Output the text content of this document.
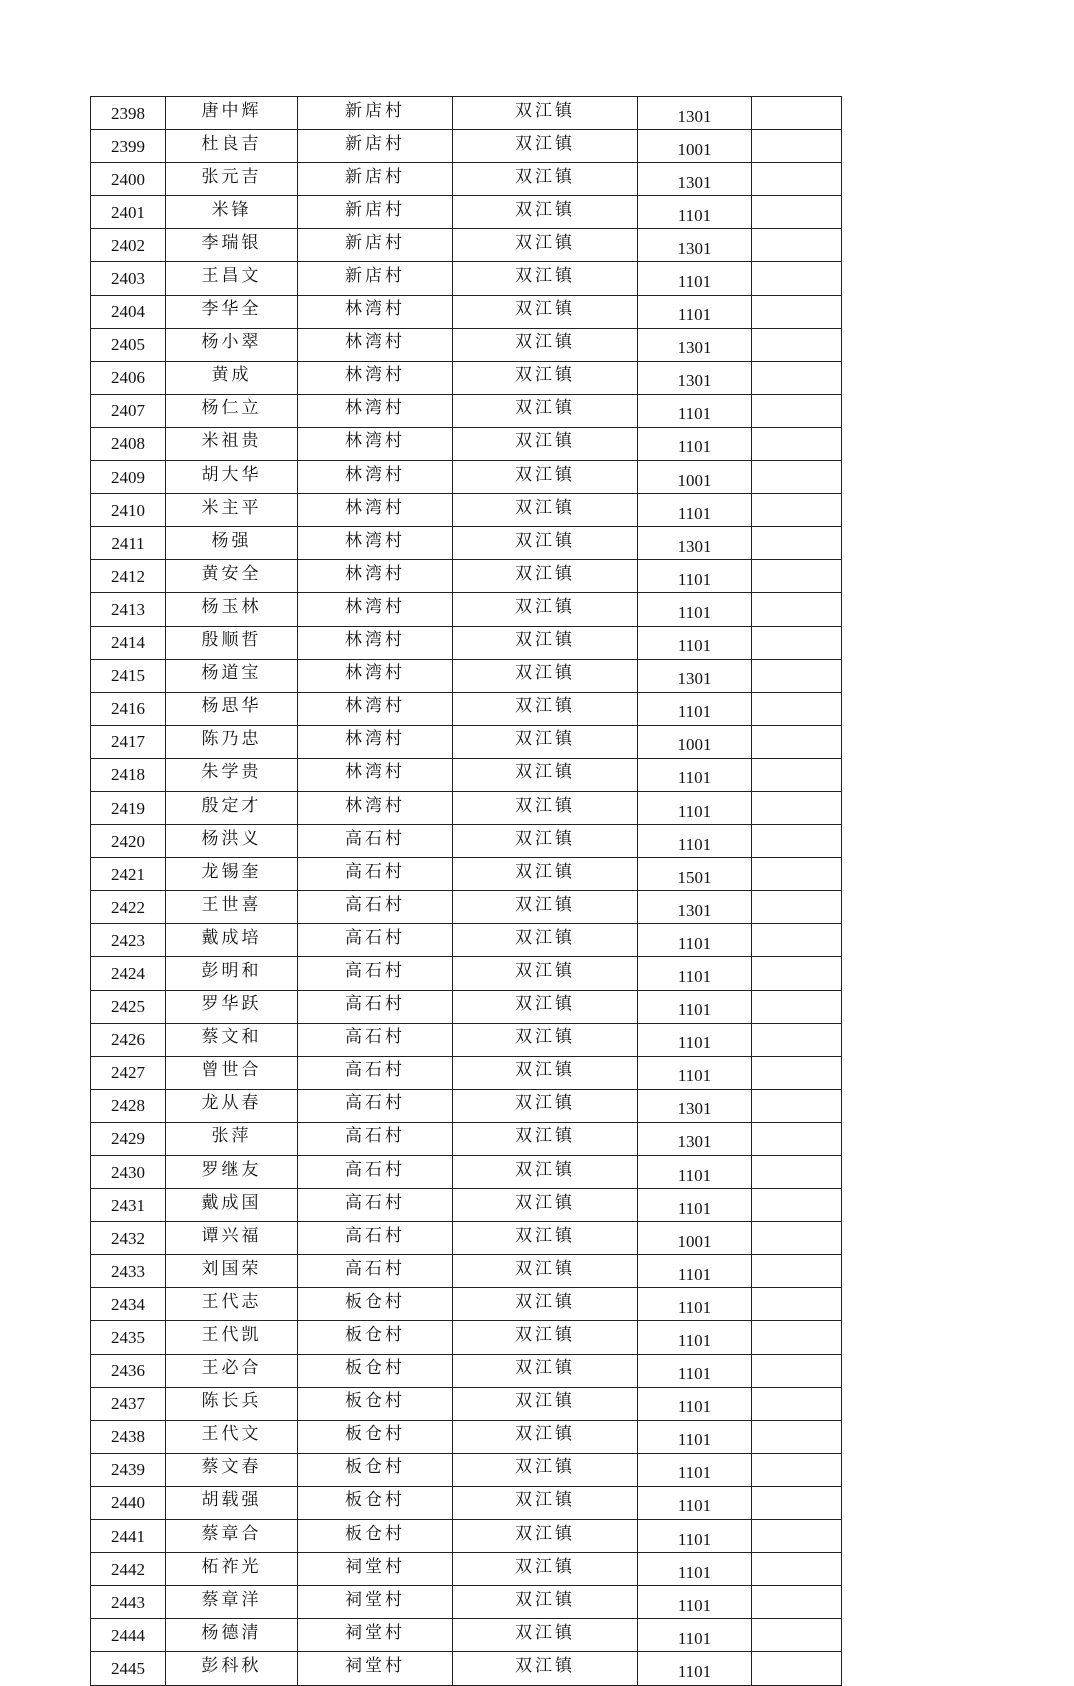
2398	唐中辉	新店村	双江镇	1301	
2399	杜良吉	新店村	双江镇	1001	
2400	张元吉	新店村	双江镇	1301	
2401	米锋	新店村	双江镇	1101	
2402	李瑞银	新店村	双江镇	1301	
2403	王昌文	新店村	双江镇	1101	
2404	李华全	林湾村	双江镇	1101	
2405	杨小翠	林湾村	双江镇	1301	
2406	黄成	林湾村	双江镇	1301	
2407	杨仁立	林湾村	双江镇	1101	
2408	米祖贵	林湾村	双江镇	1101	
2409	胡大华	林湾村	双江镇	1001	
2410	米主平	林湾村	双江镇	1101	
2411	杨强	林湾村	双江镇	1301	
2412	黄安全	林湾村	双江镇	1101	
2413	杨玉林	林湾村	双江镇	1101	
2414	殷顺哲	林湾村	双江镇	1101	
2415	杨道宝	林湾村	双江镇	1301	
2416	杨思华	林湾村	双江镇	1101	
2417	陈乃忠	林湾村	双江镇	1001	
2418	朱学贵	林湾村	双江镇	1101	
2419	殷定才	林湾村	双江镇	1101	
2420	杨洪义	高石村	双江镇	1101	
2421	龙锡奎	高石村	双江镇	1501	
2422	王世喜	高石村	双江镇	1301	
2423	戴成培	高石村	双江镇	1101	
2424	彭明和	高石村	双江镇	1101	
2425	罗华跃	高石村	双江镇	1101	
2426	蔡文和	高石村	双江镇	1101	
2427	曾世合	高石村	双江镇	1101	
2428	龙从春	高石村	双江镇	1301	
2429	张萍	高石村	双江镇	1301	
2430	罗继友	高石村	双江镇	1101	
2431	戴成国	高石村	双江镇	1101	
2432	谭兴福	高石村	双江镇	1001	
2433	刘国荣	高石村	双江镇	1101	
2434	王代志	板仓村	双江镇	1101	
2435	王代凯	板仓村	双江镇	1101	
2436	王必合	板仓村	双江镇	1101	
2437	陈长兵	板仓村	双江镇	1101	
2438	王代文	板仓村	双江镇	1101	
2439	蔡文春	板仓村	双江镇	1101	
2440	胡载强	板仓村	双江镇	1101	
2441	蔡章合	板仓村	双江镇	1101	
2442	柘祚光	祠堂村	双江镇	1101	
2443	蔡章洋	祠堂村	双江镇	1101	
2444	杨德清	祠堂村	双江镇	1101	
2445	彭科秋	祠堂村	双江镇	1101	
